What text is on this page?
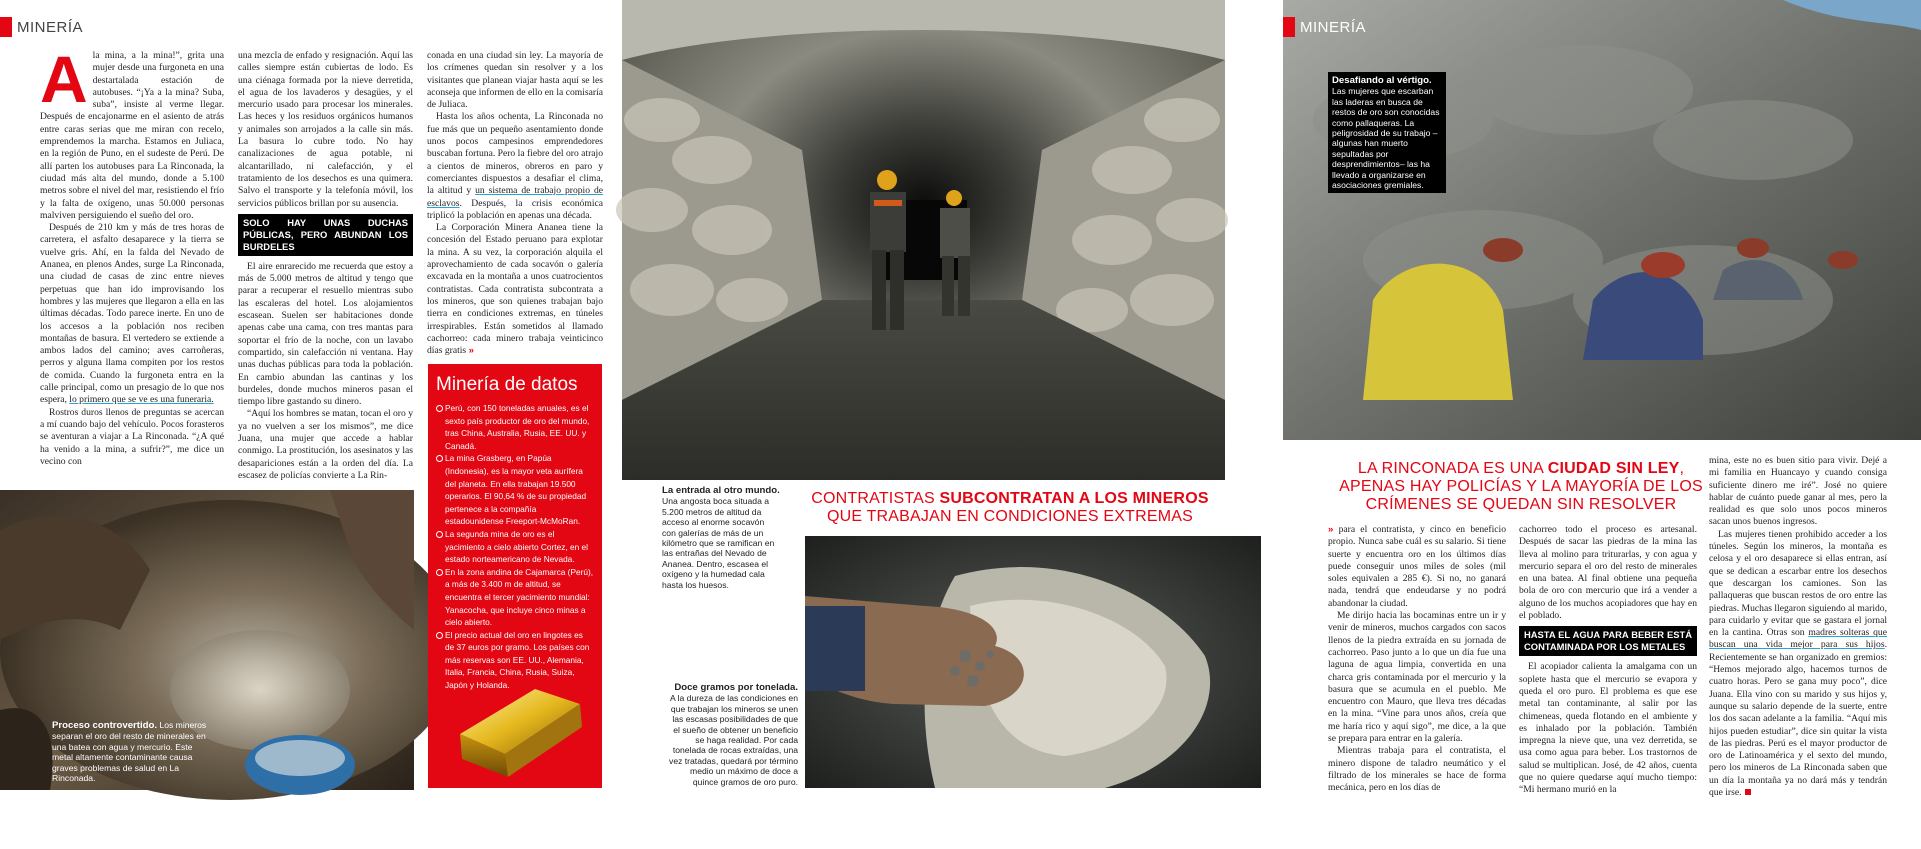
MINERÍA
A la mina, a la mina!”, grita una mujer desde una furgoneta en una destartalada estación de autobuses. “¡Ya a la mina? Suba, suba”, insiste al verme llegar. Después de encajonarme en el asiento de atrás entre caras serias que me miran con recelo, emprendemos la marcha. Estamos en Juliaca, en la región de Puno, en el sudeste de Perú. De allí parten los autobuses para La Rinconada, la ciudad más alta del mundo, donde a 5.100 metros sobre el nivel del mar, resistiendo el frío y la falta de oxígeno, unas 50.000 personas malviven persiguiendo el sueño del oro.

Después de 210 km y más de tres horas de carretera, el asfalto desaparece y la tierra se vuelve gris. Ahí, en la falda del Nevado de Ananea, en plenos Andes, surge La Rinconada, una ciudad de casas de zinc entre nieves perpetuas que han ido improvisando los hombres y las mujeres que llegaron a ella en las últimas décadas. Todo parece inerte. En uno de los accesos a la población nos reciben montañas de basura. El vertedero se extiende a ambos lados del camino; aves carroñeras, perros y alguna llama compiten por los restos de comida. Cuando la furgoneta entra en la calle principal, como un presagio de lo que nos espera, lo primero que se ve es una funeraria.

Rostros duros llenos de preguntas se acercan a mí cuando bajo del vehículo. Pocos forasteros se aventuran a viajar a La Rinconada. “¿A qué ha venido a la mina, a sufrir?”, me dice un vecino con

una mezcla de enfado y resignación. Aquí las calles siempre están cubiertas de lodo. Es una ciénaga formada por la nieve derretida, el agua de los lavaderos y desagües, y el mercurio usado para procesar los minerales. Las heces y los residuos orgánicos humanos y animales son arrojados a la calle sin más. La basura lo cubre todo. No hay canalizaciones de agua potable, ni alcantarillado, ni calefacción, y el tratamiento de los desechos es una quimera. Salvo el transporte y la telefonía móvil, los servicios públicos brillan por su ausencia.

SOLO HAY UNAS DUCHAS PÚBLICAS, PERO ABUNDAN LOS BURDELES

El aire enrarecido me recuerda que estoy a más de 5.000 metros de altitud y tengo que parar a recuperar el resuello mientras subo las escaleras del hotel. Los alojamientos escasean. Suelen ser habitaciones donde apenas cabe una cama, con tres mantas para soportar el frío de la noche, con un lavabo compartido, sin calefacción ni ventana. Hay unas duchas públicas para toda la población. En cambio abundan las cantinas y los burdeles, donde muchos mineros pasan el tiempo libre gastando su dinero.

“Aquí los hombres se matan, tocan el oro y ya no vuelven a ser los mismos”, me dice Juana, una mujer que accede a hablar conmigo. La prostitución, los asesinatos y las desapariciones están a la orden del día. La escasez de policías convierte a La Rin-

conada en una ciudad sin ley. La mayoría de los crímenes quedan sin resolver y a los visitantes que planean viajar hasta aquí se les aconseja que informen de ello en la comisaría de Juliaca.

Hasta los años ochenta, La Rinconada no fue más que un pequeño asentamiento donde unos pocos campesinos emprendedores buscaban fortuna. Pero la fiebre del oro atrajo a cientos de mineros, obreros en paro y comerciantes dispuestos a desafiar el clima, la altitud y un sistema de trabajo propio de esclavos. Después, la crisis económica triplicó la población en apenas una década.

La Corporación Minera Ananea tiene la concesión del Estado peruano para explotar la mina. A su vez, la corporación alquila el aprovechamiento de cada socavón o galería excavada en la montaña a unos cuatrocientos contratistas. Cada contratista subcontrata a los mineros, que son quienes trabajan bajo tierra en condiciones extremas, en túneles irrespirables. Están sometidos al llamado cachorreo: cada minero trabaja veinticinco días gratis »

Proceso controvertido. Los mineros separan el oro del resto de minerales en una batea con agua y mercurio. Este metal altamente contaminante causa graves problemas de salud en La Rinconada.
Minería de datos
Perú, con 150 toneladas anuales, es el sexto país productor de oro del mundo, tras China, Australia, Rusia, EE. UU. y Canadá.
La mina Grasberg, en Papúa (Indonesia), es la mayor veta aurífera del planeta. En ella trabajan 19.500 operarios. El 90,64 % de su propiedad pertenece a la compañía estadounidense Freeport-McMoRan.
La segunda mina de oro es el yacimiento a cielo abierto Cortez, en el estado norteamericano de Nevada.
En la zona andina de Cajamarca (Perú), a más de 3.400 m de altitud, se encuentra el tercer yacimiento mundial: Yanacocha, que incluye cinco minas a cielo abierto.
El precio actual del oro en lingotes es de 37 euros por gramo. Los países con más reservas son EE. UU., Alemania, Italia, Francia, China, Rusia, Suiza, Japón y Holanda.
La entrada al otro mundo.
Una angosta boca situada a 5.200 metros de altitud da acceso al enorme socavón con galerías de más de un kilómetro que se ramifican en las entrañas del Nevado de Ananea. Dentro, escasea el oxígeno y la humedad cala hasta los huesos.
CONTRATISTAS SUBCONTRATAN A LOS MINEROS
QUE TRABAJAN EN CONDICIONES EXTREMAS
Doce gramos por tonelada.
A la dureza de las condiciones en que trabajan los mineros se unen las escasas posibilidades de que el sueño de obtener un beneficio se haga realidad. Por cada tonelada de rocas extraídas, una vez tratadas, quedará por término medio un máximo de doce a quince gramos de oro puro.
MINERÍA
Desafiando al vértigo.
Las mujeres que escarban las laderas en busca de restos de oro son conocidas como pallaqueras. La peligrosidad de su trabajo –algunas han muerto sepultadas por desprendimientos– las ha llevado a organizarse en asociaciones gremiales.
LA RINCONADA ES UNA CIUDAD SIN LEY, APENAS HAY POLICÍAS Y LA MAYORÍA DE LOS CRÍMENES SE QUEDAN SIN RESOLVER

» para el contratista, y cinco en beneficio propio. Nunca sabe cuál es su salario. Si tiene suerte y encuentra oro en los últimos días puede conseguir unos miles de soles (mil soles equivalen a 285 €). Si no, no ganará nada, tendrá que endeudarse y no podrá abandonar la ciudad.

Me dirijo hacia las bocaminas entre un ir y venir de mineros, muchos cargados con sacos llenos de la piedra extraída en su jornada de cachorreo. Paso junto a lo que un día fue una laguna de agua limpia, convertida en una charca gris contaminada por el mercurio y la basura que se acumula en el pueblo. Me encuentro con Mauro, que lleva tres décadas en la mina. “Vine para unos años, creía que me haría rico y aquí sigo”, me dice, a la que se prepara para entrar en la galería.

Mientras trabaja para el contratista, el minero dispone de taladro neumático y el filtrado de los minerales se hace de forma mecánica, pero en los días de

cachorreo todo el proceso es artesanal. Después de sacar las piedras de la mina las lleva al molino para triturarlas, y con agua y mercurio separa el oro del resto de minerales en una batea. Al final obtiene una pequeña bola de oro con mercurio que irá a vender a alguno de los muchos acopiadores que hay en el poblado.

HASTA EL AGUA PARA BEBER ESTÁ CONTAMINADA POR LOS METALES

El acopiador calienta la amalgama con un soplete hasta que el mercurio se evapora y queda el oro puro. El problema es que ese metal tan contaminante, al salir por las chimeneas, queda flotando en el ambiente y es inhalado por la población. También impregna la nieve que, una vez derretida, se usa como agua para beber. Los trastornos de salud se multiplican. José, de 42 años, cuenta que no quiere quedarse aquí mucho tiempo: “Mi hermano murió en la

mina, este no es buen sitio para vivir. Dejé a mi familia en Huancayo y cuando consiga suficiente dinero me iré”. José no quiere hablar de cuánto puede ganar al mes, pero la realidad es que solo unos pocos mineros sacan unos buenos ingresos.

Las mujeres tienen prohibido acceder a los túneles. Según los mineros, la montaña es celosa y el oro desaparece si ellas entran, así que se dedican a escarbar entre los desechos que descargan los camiones. Son las pallaqueras que buscan restos de oro entre las piedras. Muchas llegaron siguiendo al marido, para cuidarlo y evitar que se gastara el jornal en la cantina. Otras son madres solteras que buscan una vida mejor para sus hijos. Recientemente se han organizado en gremios: “Hemos mejorado algo, hacemos turnos de cuatro horas. Pero se gana muy poco”, dice Juana. Ella vino con su marido y sus hijos y, aunque su salario depende de la suerte, entre los dos sacan adelante a la familia. “Aquí mis hijos pueden estudiar”, dice sin quitar la vista de las piedras. Perú es el mayor productor de oro de Latinoamérica y el sexto del mundo, pero los mineros de La Rinconada saben que un día la montaña ya no dará más y tendrán que irse.
